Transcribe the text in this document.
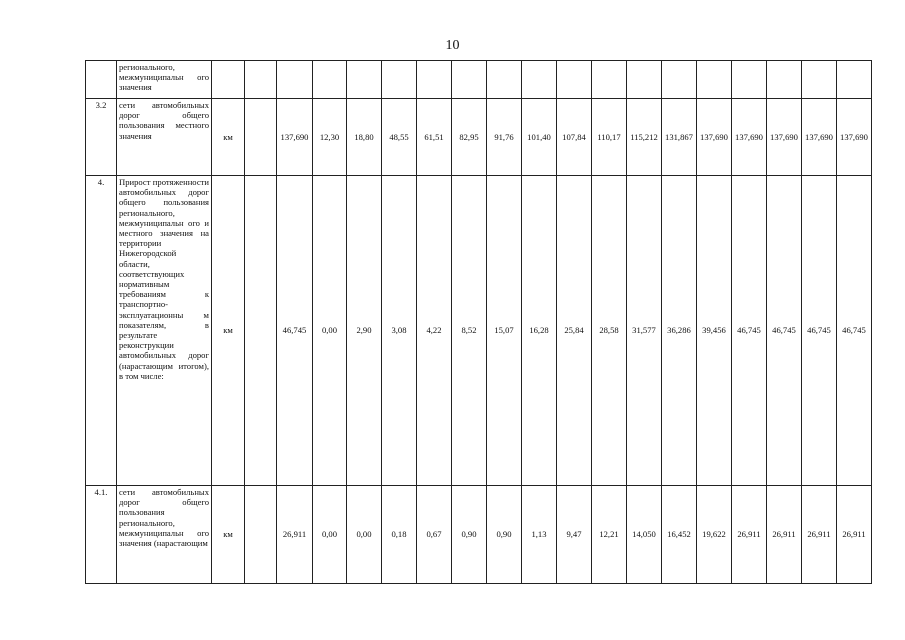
10
	регионального, межмуниципальн ого значения																			
3.2	сети автомобильных дорог общего пользования местного значения	км		137,690	12,30	18,80	48,55	61,51	82,95	91,76	101,40	107,84	110,17	115,212	131,867	137,690	137,690	137,690	137,690	137,690
4.	Прирост протяженности автомобильных дорог общего пользования регионального, межмуниципальн ого и местного значения на территории Нижегородской области, соответствующих нормативным требованиям к транспортно-эксплуатационны м показателям, в результате реконструкции автомобильных дорог (нарастающим итогом), в том числе:	км		46,745	0,00	2,90	3,08	4,22	8,52	15,07	16,28	25,84	28,58	31,577	36,286	39,456	46,745	46,745	46,745	46,745
4.1.	сети автомобильных дорог общего пользования регионального, межмуниципальн ого значения (нарастающим	км		26,911	0,00	0,00	0,18	0,67	0,90	0,90	1,13	9,47	12,21	14,050	16,452	19,622	26,911	26,911	26,911	26,911
